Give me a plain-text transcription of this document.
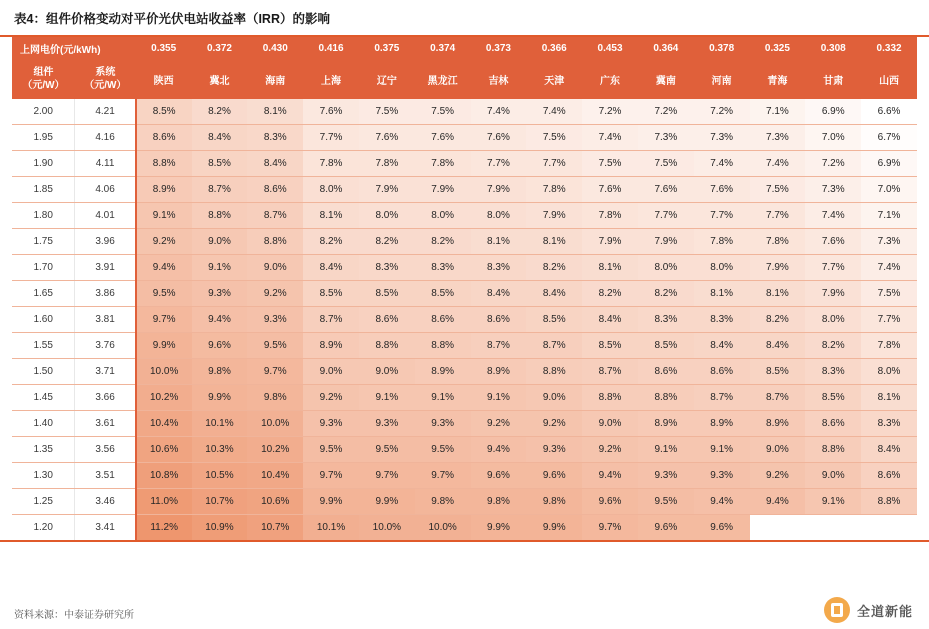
表4：组件价格变动对平价光伏电站收益率（IRR）的影响
上网电价(元/kWh)		0.355	0.372	0.430	0.416	0.375	0.374	0.373	0.366	0.453	0.364	0.378	0.325	0.308	0.332

组件
（元/W）	系统
（元/W）	陕西	冀北	海南	上海	辽宁	黑龙江	吉林	天津	广东	冀南	河南	青海	甘肃	山西
2.00	4.21	8.5%	8.2%	8.1%	7.6%	7.5%	7.5%	7.4%	7.4%	7.2%	7.2%	7.2%	7.1%	6.9%	6.6%
1.95	4.16	8.6%	8.4%	8.3%	7.7%	7.6%	7.6%	7.6%	7.5%	7.4%	7.3%	7.3%	7.3%	7.0%	6.7%
1.90	4.11	8.8%	8.5%	8.4%	7.8%	7.8%	7.8%	7.7%	7.7%	7.5%	7.5%	7.4%	7.4%	7.2%	6.9%
1.85	4.06	8.9%	8.7%	8.6%	8.0%	7.9%	7.9%	7.9%	7.8%	7.6%	7.6%	7.6%	7.5%	7.3%	7.0%
1.80	4.01	9.1%	8.8%	8.7%	8.1%	8.0%	8.0%	8.0%	7.9%	7.8%	7.7%	7.7%	7.7%	7.4%	7.1%
1.75	3.96	9.2%	9.0%	8.8%	8.2%	8.2%	8.2%	8.1%	8.1%	7.9%	7.9%	7.8%	7.8%	7.6%	7.3%
1.70	3.91	9.4%	9.1%	9.0%	8.4%	8.3%	8.3%	8.3%	8.2%	8.1%	8.0%	8.0%	7.9%	7.7%	7.4%
1.65	3.86	9.5%	9.3%	9.2%	8.5%	8.5%	8.5%	8.4%	8.4%	8.2%	8.2%	8.1%	8.1%	7.9%	7.5%
1.60	3.81	9.7%	9.4%	9.3%	8.7%	8.6%	8.6%	8.6%	8.5%	8.4%	8.3%	8.3%	8.2%	8.0%	7.7%
1.55	3.76	9.9%	9.6%	9.5%	8.9%	8.8%	8.8%	8.7%	8.7%	8.5%	8.5%	8.4%	8.4%	8.2%	7.8%
1.50	3.71	10.0%	9.8%	9.7%	9.0%	9.0%	8.9%	8.9%	8.8%	8.7%	8.6%	8.6%	8.5%	8.3%	8.0%
1.45	3.66	10.2%	9.9%	9.8%	9.2%	9.1%	9.1%	9.1%	9.0%	8.8%	8.8%	8.7%	8.7%	8.5%	8.1%
1.40	3.61	10.4%	10.1%	10.0%	9.3%	9.3%	9.3%	9.2%	9.2%	9.0%	8.9%	8.9%	8.9%	8.6%	8.3%
1.35	3.56	10.6%	10.3%	10.2%	9.5%	9.5%	9.5%	9.4%	9.3%	9.2%	9.1%	9.1%	9.0%	8.8%	8.4%
1.30	3.51	10.8%	10.5%	10.4%	9.7%	9.7%	9.7%	9.6%	9.6%	9.4%	9.3%	9.3%	9.2%	9.0%	8.6%
1.25	3.46	11.0%	10.7%	10.6%	9.9%	9.9%	9.8%	9.8%	9.8%	9.6%	9.5%	9.4%	9.4%	9.1%	8.8%
1.20	3.41	11.2%	10.9%	10.7%	10.1%	10.0%	10.0%	9.9%	9.9%	9.7%	9.6%	9.6%			
资料来源：中泰证券研究所	全道新能
